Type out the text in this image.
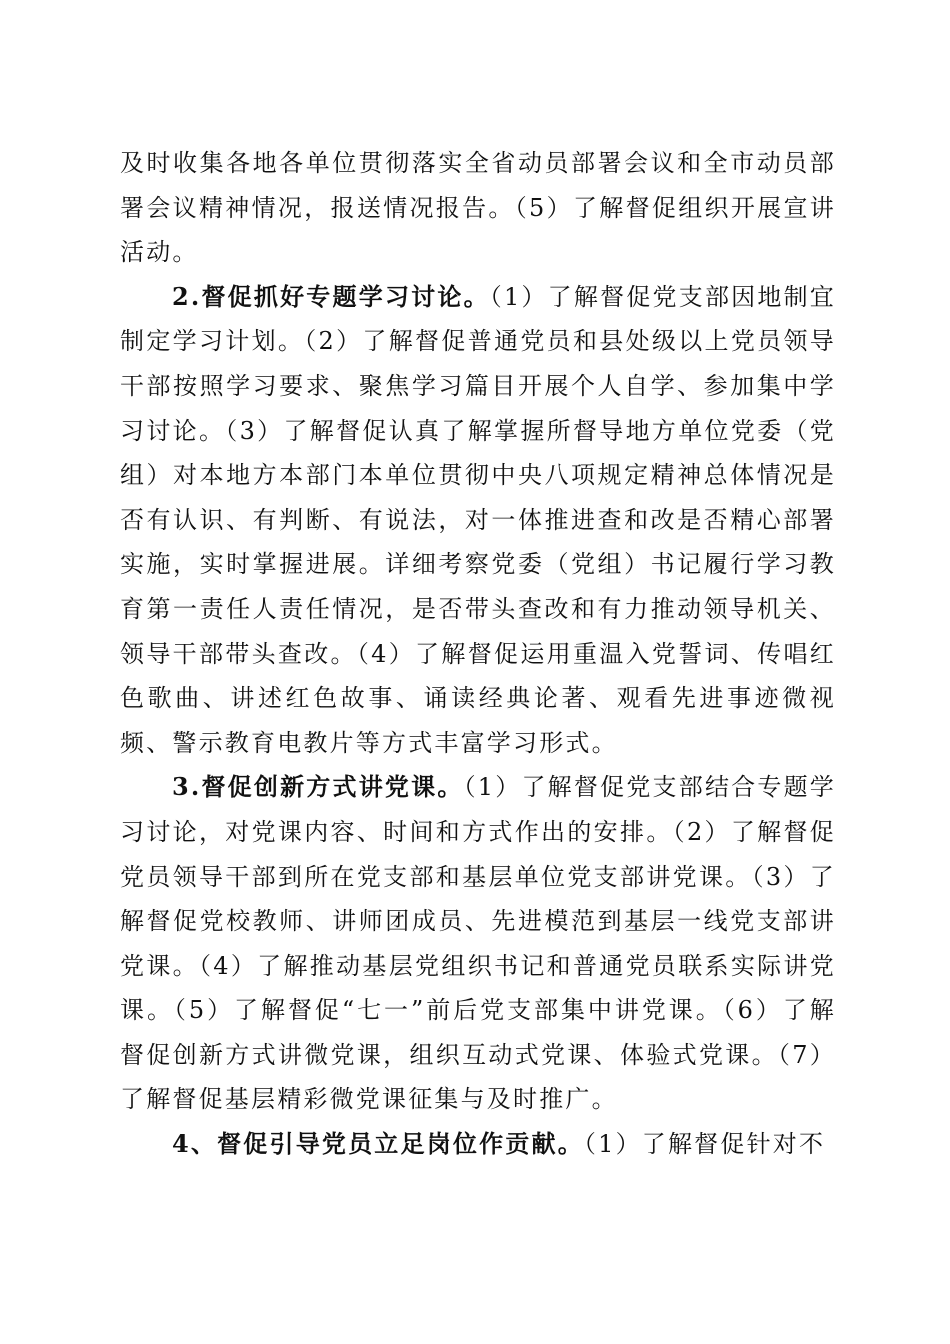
及时收集各地各单位贯彻落实全省动员部署会议和全市动员部署会议精神情况，报送情况报告。（5）了解督促组织开展宣讲活动。

2.督促抓好专题学习讨论。（1）了解督促党支部因地制宜制定学习计划。（2）了解督促普通党员和县处级以上党员领导干部按照学习要求、聚焦学习篇目开展个人自学、参加集中学习讨论。（3）了解督促认真了解掌握所督导地方单位党委（党组）对本地方本部门本单位贯彻中央八项规定精神总体情况是否有认识、有判断、有说法，对一体推进查和改是否精心部署实施，实时掌握进展。详细考察党委（党组）书记履行学习教育第一责任人责任情况，是否带头查改和有力推动领导机关、领导干部带头查改。（4）了解督促运用重温入党誓词、传唱红色歌曲、讲述红色故事、诵读经典论著、观看先进事迹微视频、警示教育电教片等方式丰富学习形式。

3.督促创新方式讲党课。（1）了解督促党支部结合专题学习讨论，对党课内容、时间和方式作出的安排。（2）了解督促党员领导干部到所在党支部和基层单位党支部讲党课。（3）了解督促党校教师、讲师团成员、先进模范到基层一线党支部讲党课。（4）了解推动基层党组织书记和普通党员联系实际讲党课。（5）了解督促“七一”前后党支部集中讲党课。（6）了解督促创新方式讲微党课，组织互动式党课、体验式党课。（7）了解督促基层精彩微党课征集与及时推广。

4、督促引导党员立足岗位作贡献。（1）了解督促针对不
